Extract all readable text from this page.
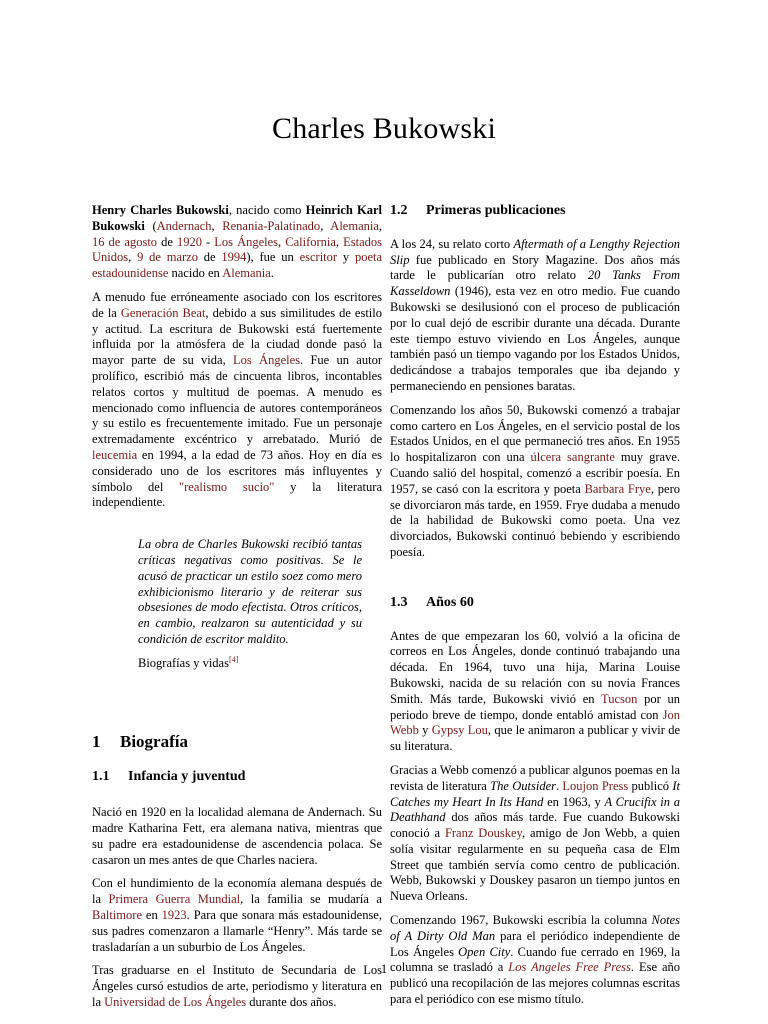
Charles Bukowski

Henry Charles Bukowski, nacido como Heinrich Karl Bukowski (Andernach, Renania-Palatinado, Alemania, 16 de agosto de 1920 - Los Ángeles, California, Estados Unidos, 9 de marzo de 1994), fue un escritor y poeta estadounidense nacido en Alemania.

A menudo fue erróneamente asociado con los escritores de la Generación Beat, debido a sus similitudes de estilo y actitud. La escritura de Bukowski está fuertemente influida por la atmósfera de la ciudad donde pasó la mayor parte de su vida, Los Ángeles. Fue un autor prolífico, escribió más de cincuenta libros, incontables relatos cortos y multitud de poemas. A menudo es mencionado como influencia de autores contemporáneos y su estilo es frecuentemente imitado. Fue un personaje extremadamente excéntrico y arrebatado. Murió de leucemia en 1994, a la edad de 73 años. Hoy en día es considerado uno de los escritores más influyentes y símbolo del "realismo sucio" y la literatura independiente.

La obra de Charles Bukowski recibió tantas críticas negativas como positivas. Se le acusó de practicar un estilo soez como mero exhibicionismo literario y de reiterar sus obsesiones de modo efectista. Otros críticos, en cambio, realzaron su autenticidad y su condición de escritor maldito.
Biografías y vidas[4]
1 Biografía
1.1 Infancia y juventud

Nació en 1920 en la localidad alemana de Andernach. Su madre Katharina Fett, era alemana nativa, mientras que su padre era estadounidense de ascendencia polaca. Se casaron un mes antes de que Charles naciera.

Con el hundimiento de la economía alemana después de la Primera Guerra Mundial, la familia se mudaría a Baltimore en 1923. Para que sonara más estadounidense, sus padres comenzaron a llamarle “Henry”. Más tarde se trasladarían a un suburbio de Los Ángeles.

Tras graduarse en el Instituto de Secundaria de Los Ángeles cursó estudios de arte, periodismo y literatura en la Universidad de Los Ángeles durante dos años.

1.2 Primeras publicaciones

A los 24, su relato corto Aftermath of a Lengthy Rejection Slip fue publicado en Story Magazine. Dos años más tarde le publicarían otro relato 20 Tanks From Kasseldown (1946), esta vez en otro medio. Fue cuando Bukowski se desilusionó con el proceso de publicación por lo cual dejó de escribir durante una década. Durante este tiempo estuvo viviendo en Los Ángeles, aunque también pasó un tiempo vagando por los Estados Unidos, dedicándose a trabajos temporales que iba dejando y permaneciendo en pensiones baratas.

Comenzando los años 50, Bukowski comenzó a trabajar como cartero en Los Ángeles, en el servicio postal de los Estados Unidos, en el que permaneció tres años. En 1955 lo hospitalizaron con una úlcera sangrante muy grave. Cuando salió del hospital, comenzó a escribir poesía. En 1957, se casó con la escritora y poeta Barbara Frye, pero se divorciaron más tarde, en 1959. Frye dudaba a menudo de la habilidad de Bukowski como poeta. Una vez divorciados, Bukowski continuó bebiendo y escribiendo poesía.

1.3 Años 60

Antes de que empezaran los 60, volvió a la oficina de correos en Los Ángeles, donde continuó trabajando una década. En 1964, tuvo una hija, Marina Louise Bukowski, nacida de su relación con su novia Frances Smith. Más tarde, Bukowski vivió en Tucson por un periodo breve de tiempo, donde entabló amistad con Jon Webb y Gypsy Lou, que le animaron a publicar y vivir de su literatura.

Gracias a Webb comenzó a publicar algunos poemas en la revista de literatura The Outsider. Loujon Press publicó It Catches my Heart In Its Hand en 1963, y A Crucifix in a Deathhand dos años más tarde. Fue cuando Bukowski conoció a Franz Douskey, amigo de Jon Webb, a quien solía visitar regularmente en su pequeña casa de Elm Street que también servía como centro de publicación. Webb, Bukowski y Douskey pasaron un tiempo juntos en Nueva Orleans.

Comenzando 1967, Bukowski escribía la columna Notes of A Dirty Old Man para el periódico independiente de Los Ángeles Open City. Cuando fue cerrado en 1969, la columna se trasladó a Los Angeles Free Press. Ese año publicó una recopilación de las mejores columnas escritas para el periódico con ese mismo título.

1
